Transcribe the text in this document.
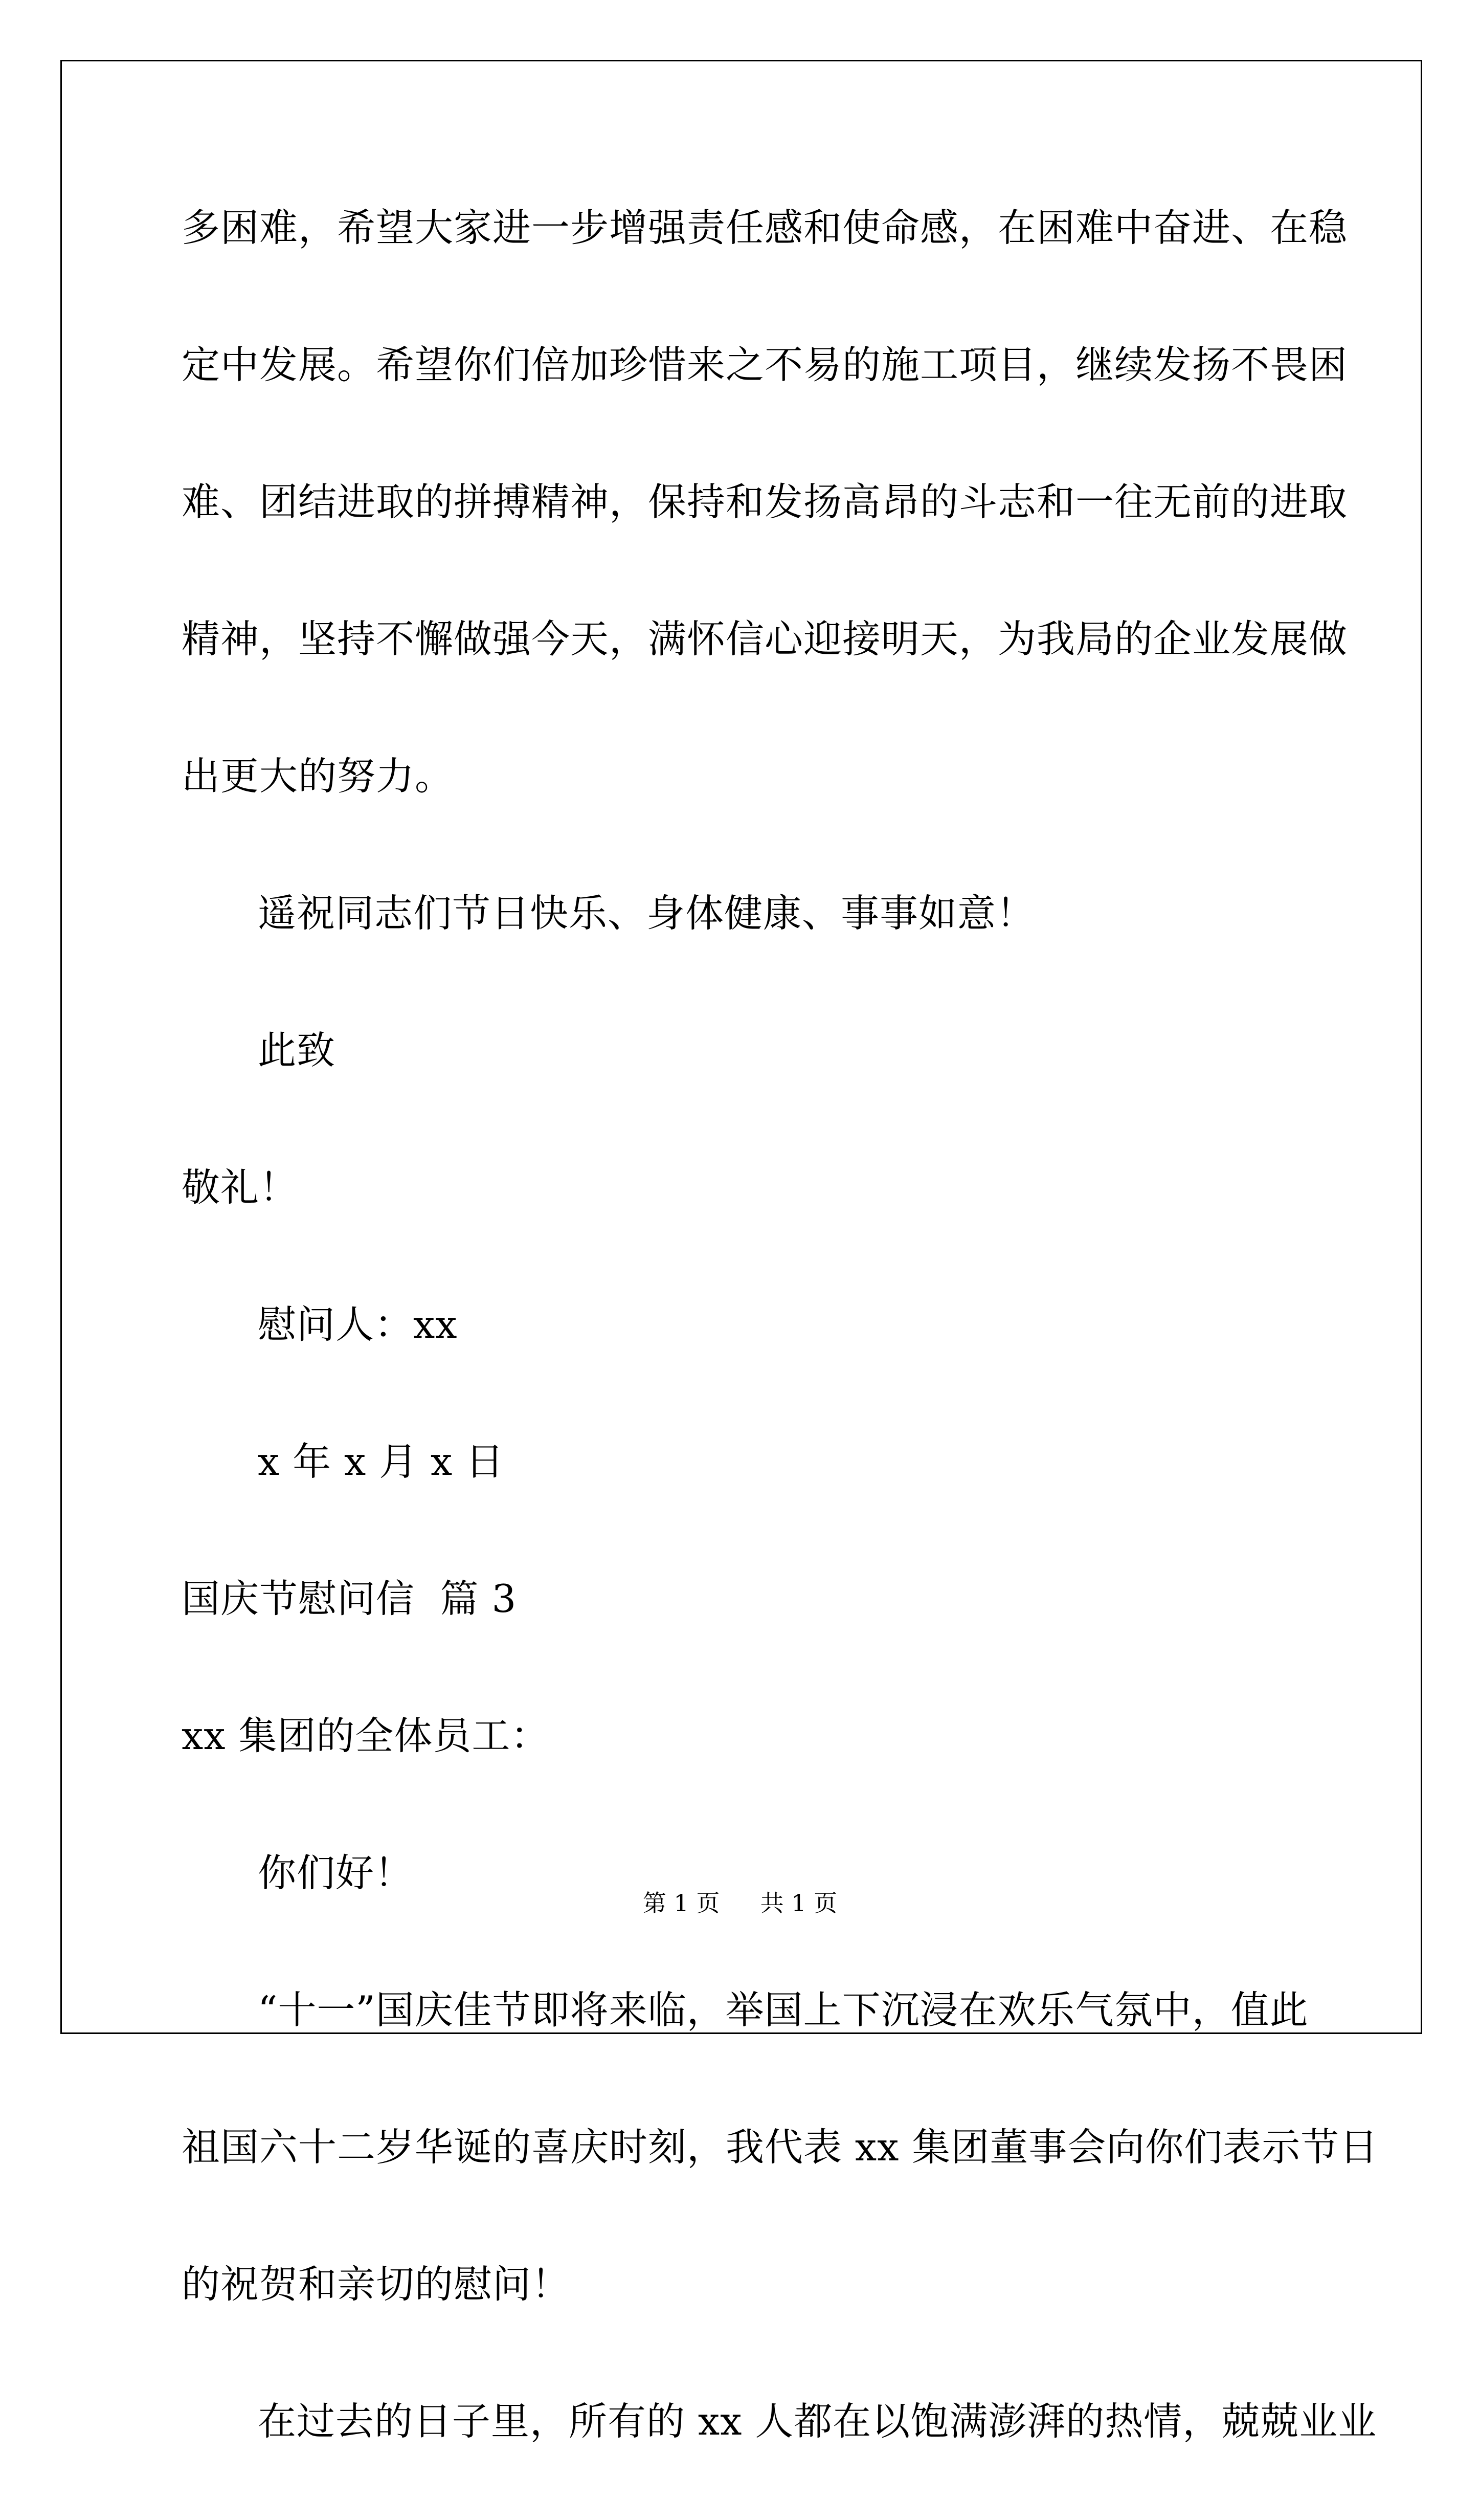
多困难，希望大家进一步增强责任感和使命感，在困难中奋进、在稳
定中发展。希望你们倍加珍惜来之不易的施工项目，继续发扬不畏困
难、团结进取的拼搏精神，保持和发扬高昂的斗志和一往无前的进取
精神，坚持不懈做强今天，满怀信心迎接明天，为我局的企业发展做
出更大的努力。
遥祝同志们节日快乐、身体健康、事事如意！
此致
敬礼！
慰问人：xx
x 年 x 月 x 日
国庆节慰问信  篇 3
xx 集团的全体员工：
你们好！
“十一”国庆佳节即将来临，举国上下沉浸在欢乐气氛中，值此
祖国六十二岁华诞的喜庆时刻，我代表 xx 集团董事会向你们表示节日
的祝贺和亲切的慰问！
在过去的日子里，所有的 xx 人都在以饱满澎湃的热情，兢兢业业
第 1 页 共 1 页
